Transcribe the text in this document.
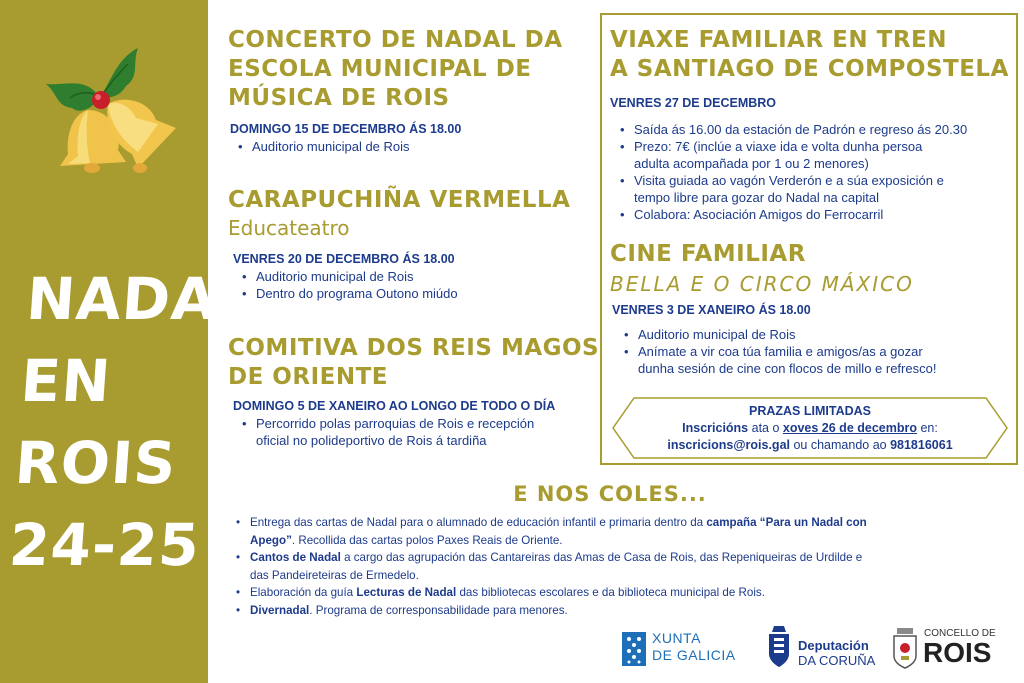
NADAL
EN
ROIS
24-25
CONCERTO DE NADAL DA
ESCOLA MUNICIPAL DE
MÚSICA DE ROIS
DOMINGO 15 DE DECEMBRO ÁS 18.00
• Auditorio municipal de Rois
CARAPUCHIÑA VERMELLA
Educateatro
VENRES 20 DE DECEMBRO ÁS 18.00
• Auditorio municipal de Rois
• Dentro do programa Outono miúdo
COMITIVA DOS REIS MAGOS
DE ORIENTE
DOMINGO 5 DE XANEIRO AO LONGO DE TODO O DÍA
• Percorrido polas parroquias de Rois e recepción
oficial no polideportivo de Rois á tardiña
VIAXE FAMILIAR EN TREN
A SANTIAGO DE COMPOSTELA
VENRES 27 DE DECEMBRO
• Saída ás 16.00 da estación de Padrón e regreso ás 20.30
• Prezo: 7€ (inclúe a viaxe ida e volta dunha persoa
adulta acompañada por 1 ou 2 menores)
• Visita guiada ao vagón Verderón e a súa exposición e
tempo libre para gozar do Nadal na capital
• Colabora: Asociación Amigos do Ferrocarril
CINE FAMILIAR
BELLA E O CIRCO MÁXICO
VENRES 3 DE XANEIRO ÁS 18.00
• Auditorio municipal de Rois
• Anímate a vir coa túa familia e amigos/as a gozar
dunha sesión de cine con flocos de millo e refresco!
PRAZAS LIMITADAS
Inscricións ata o xoves 26 de decembro en:
inscricions@rois.gal ou chamando ao 981816061
E NOS COLES...
• Entrega das cartas de Nadal para o alumnado de educación infantil e primaria dentro da campaña “Para un Nadal con
Apego”. Recollida das cartas polos Paxes Reais de Oriente.
• Cantos de Nadal a cargo das agrupación das Cantareiras das Amas de Casa de Rois, das Repeniqueiras de Urdilde e
das Pandeireteiras de Ermedelo.
• Elaboración da guía Lecturas de Nadal das bibliotecas escolares e da biblioteca municipal de Rois.
• Divernadal. Programa de corresponsabilidade para menores.
XUNTA
DE GALICIA
Deputación
DA CORUÑA
CONCELLO DE
ROIS
